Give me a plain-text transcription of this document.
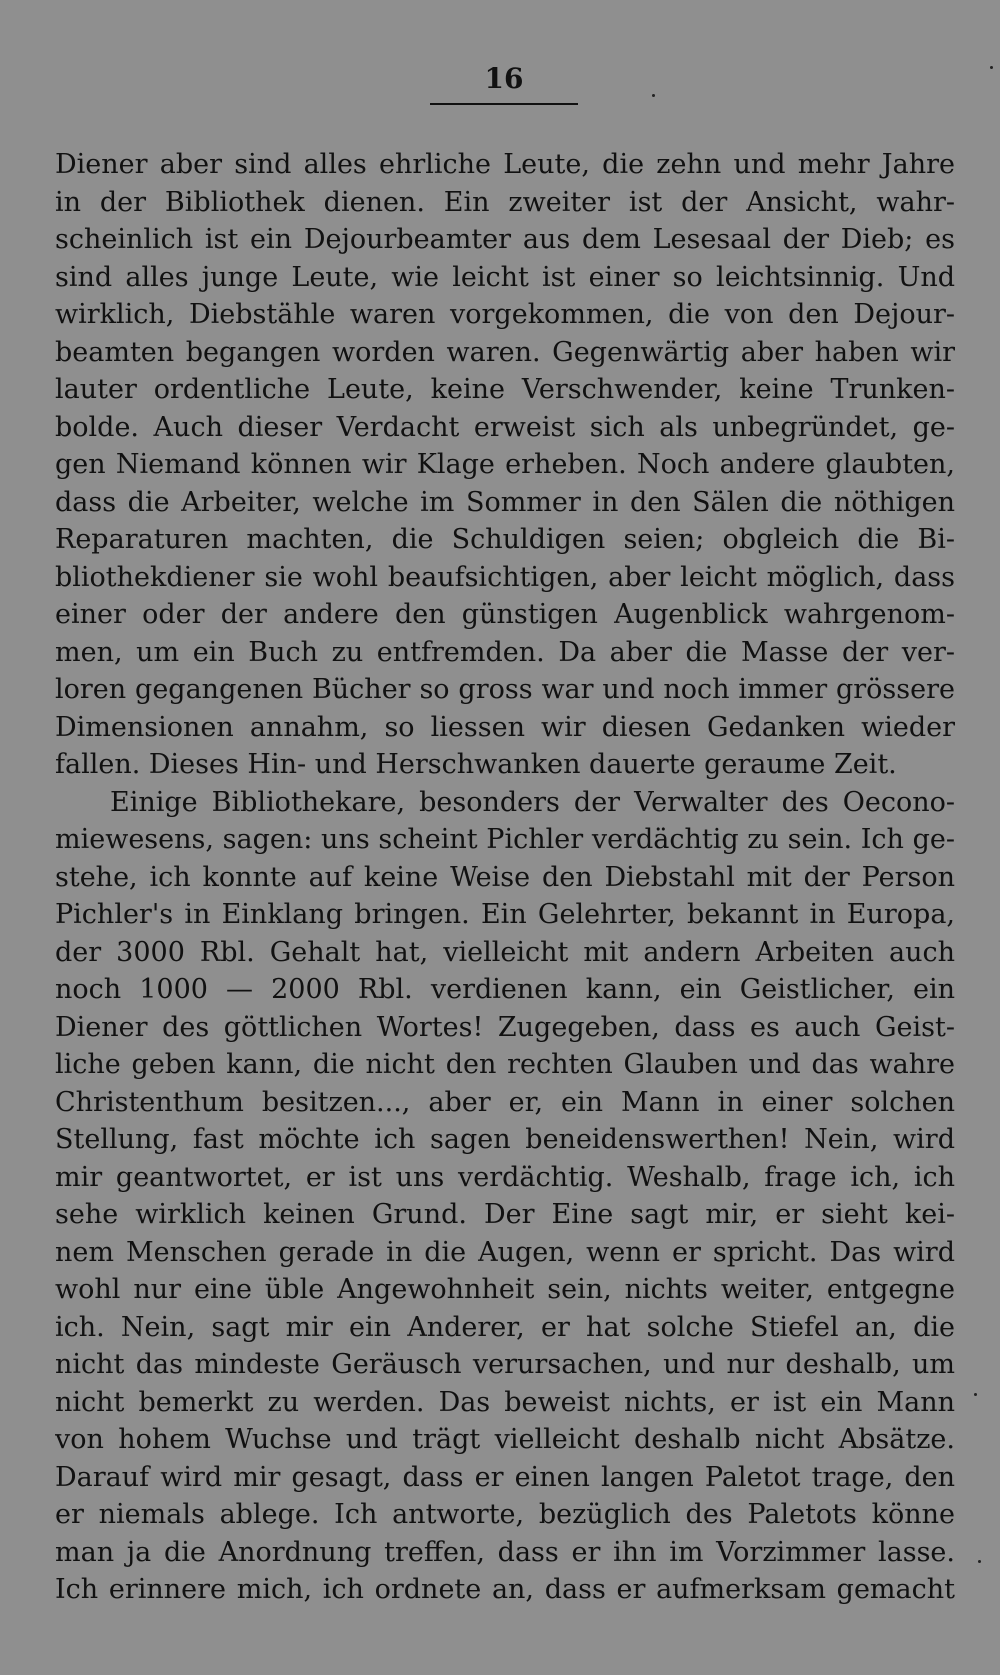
16
Diener aber sind alles ehrliche Leute, die zehn und mehr Jahre
in der Bibliothek dienen. Ein zweiter ist der Ansicht, wahr-
scheinlich ist ein Dejourbeamter aus dem Lesesaal der Dieb; es
sind alles junge Leute, wie leicht ist einer so leichtsinnig. Und
wirklich, Diebstähle waren vorgekommen, die von den Dejour-
beamten begangen worden waren. Gegenwärtig aber haben wir
lauter ordentliche Leute, keine Verschwender, keine Trunken-
bolde. Auch dieser Verdacht erweist sich als unbegründet, ge-
gen Niemand können wir Klage erheben. Noch andere glaubten,
dass die Arbeiter, welche im Sommer in den Sälen die nöthigen
Reparaturen machten, die Schuldigen seien; obgleich die Bi-
bliothekdiener sie wohl beaufsichtigen, aber leicht möglich, dass
einer oder der andere den günstigen Augenblick wahrgenom-
men, um ein Buch zu entfremden. Da aber die Masse der ver-
loren gegangenen Bücher so gross war und noch immer grössere
Dimensionen annahm, so liessen wir diesen Gedanken wieder
fallen. Dieses Hin- und Herschwanken dauerte geraume Zeit.
Einige Bibliothekare, besonders der Verwalter des Oecono-
miewesens, sagen: uns scheint Pichler verdächtig zu sein. Ich ge-
stehe, ich konnte auf keine Weise den Diebstahl mit der Person
Pichler's in Einklang bringen. Ein Gelehrter, bekannt in Europa,
der 3000 Rbl. Gehalt hat, vielleicht mit andern Arbeiten auch
noch 1000 — 2000 Rbl. verdienen kann, ein Geistlicher, ein
Diener des göttlichen Wortes! Zugegeben, dass es auch Geist-
liche geben kann, die nicht den rechten Glauben und das wahre
Christenthum besitzen..., aber er, ein Mann in einer solchen
Stellung, fast möchte ich sagen beneidenswerthen! Nein, wird
mir geantwortet, er ist uns verdächtig. Weshalb, frage ich, ich
sehe wirklich keinen Grund. Der Eine sagt mir, er sieht kei-
nem Menschen gerade in die Augen, wenn er spricht. Das wird
wohl nur eine üble Angewohnheit sein, nichts weiter, entgegne
ich. Nein, sagt mir ein Anderer, er hat solche Stiefel an, die
nicht das mindeste Geräusch verursachen, und nur deshalb, um
nicht bemerkt zu werden. Das beweist nichts, er ist ein Mann
von hohem Wuchse und trägt vielleicht deshalb nicht Absätze.
Darauf wird mir gesagt, dass er einen langen Paletot trage, den
er niemals ablege. Ich antworte, bezüglich des Paletots könne
man ja die Anordnung treffen, dass er ihn im Vorzimmer lasse.
Ich erinnere mich, ich ordnete an, dass er aufmerksam gemacht
